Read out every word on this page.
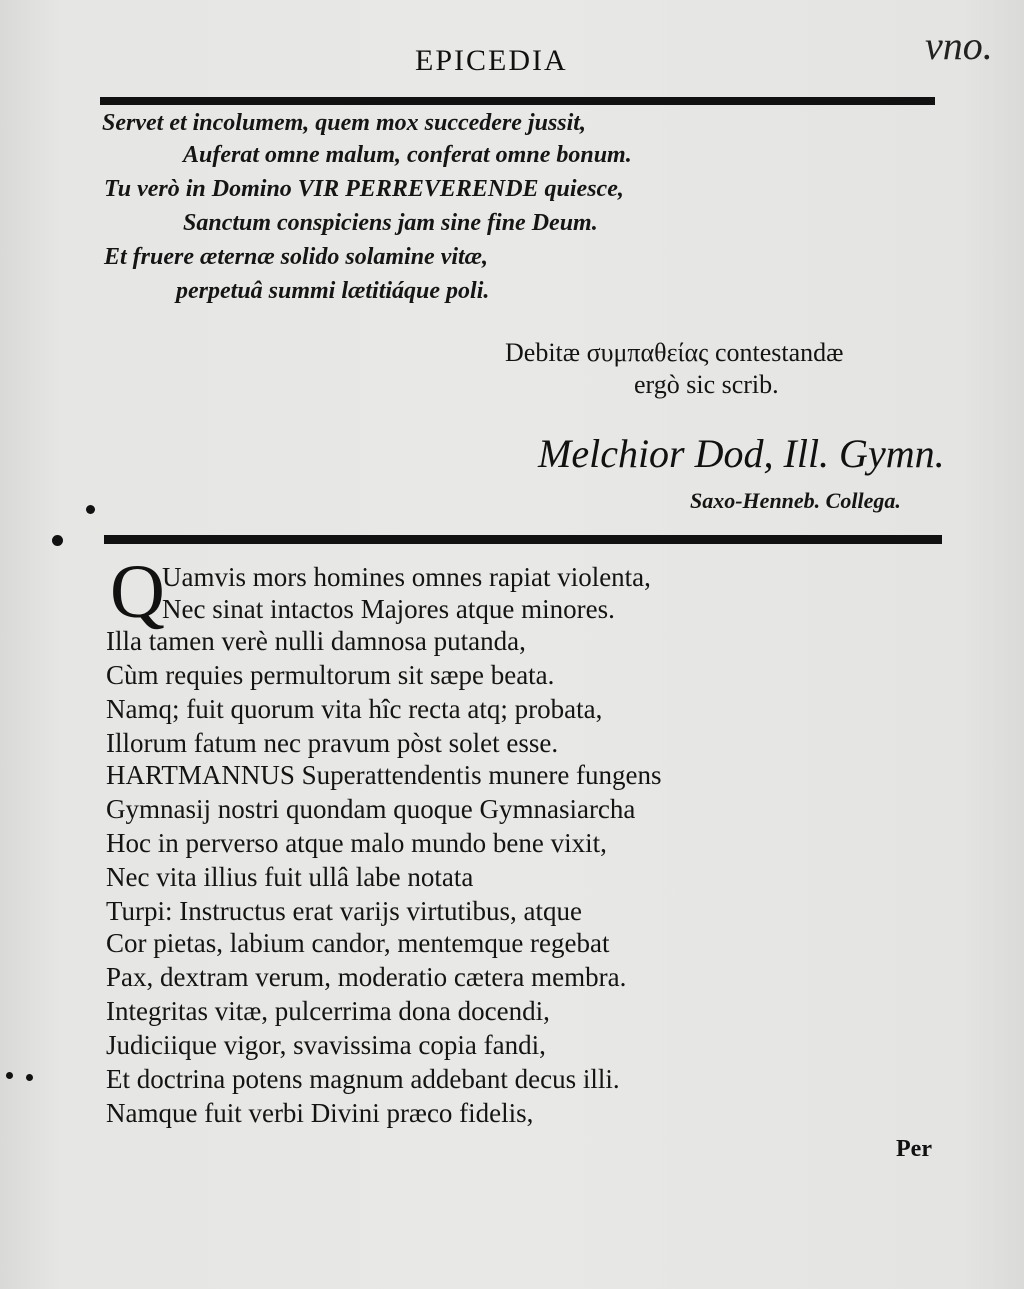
EPICEDIA	vno.
Servet et incolumem, quem mox succedere jussit,
Auferat omne malum, conferat omne bonum.
Tu verò in Domino VIR PERREVERENDE quiesce,
Sanctum conspiciens jam sine fine Deum.
Et fruere æternæ solido solamine vitæ,
perpetuâ summi lætitiáque poli.
Debitæ συμπαθείας contestandæ
ergò sic scrib.
Melchior Dod, Ill. Gymn.
Saxo-Henneb. Collega.
Q
Uamvis mors homines omnes rapiat violenta,
Nec sinat intactos Majores atque minores.
Illa tamen verè nulli damnosa putanda,
Cùm requies permultorum sit sæpe beata.
Namq; fuit quorum vita hîc recta atq; probata,
Illorum fatum nec pravum pòst solet esse.
HARTMANNUS Superattendentis munere fungens
Gymnasij nostri quondam quoque Gymnasiarcha
Hoc in perverso atque malo mundo bene vixit,
Nec vita illius fuit ullâ labe notata
Turpi: Instructus erat varijs virtutibus, atque
Cor pietas, labium candor, mentemque regebat
Pax, dextram verum, moderatio cætera membra.
Integritas vitæ, pulcerrima dona docendi,
Judiciique vigor, svavissima copia fandi,
Et doctrina potens magnum addebant decus illi.
Namque fuit verbi Divini præco fidelis,
Per
